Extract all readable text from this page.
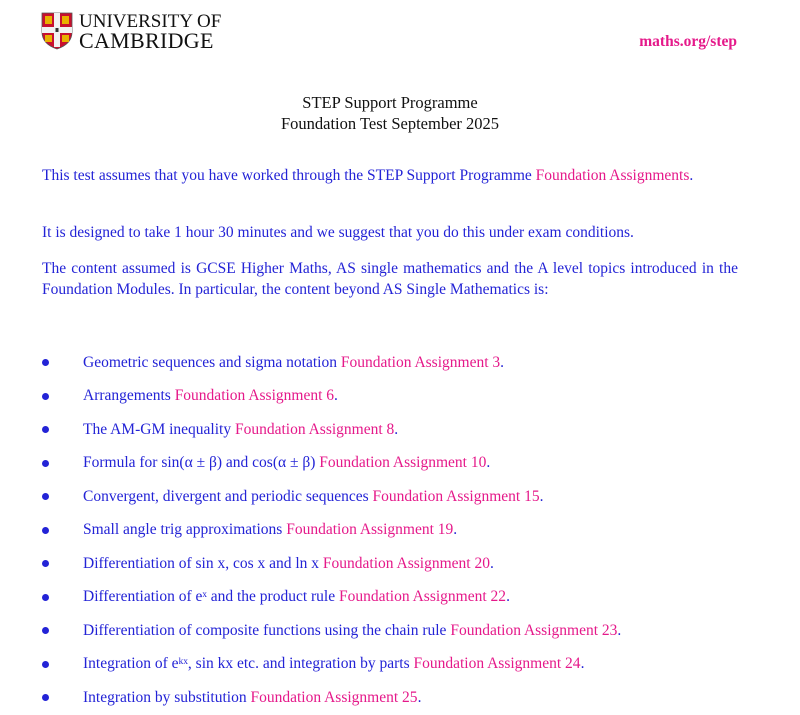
UNIVERSITY OF
CAMBRIDGE	maths.org/step
STEP Support Programme
Foundation Test September 2025
This test assumes that you have worked through the STEP Support Programme Foundation Assignments.
It is designed to take 1 hour 30 minutes and we suggest that you do this under exam conditions.
The content assumed is GCSE Higher Maths, AS single mathematics and the A level topics introduced in the Foundation Modules. In particular, the content beyond AS Single Mathematics is:
Geometric sequences and sigma notation
Foundation Assignment 3 .
Arrangements
Foundation Assignment 6 .
The AM-GM inequality
Foundation Assignment 8 .
Formula for sin(α ± β) and cos(α ± β)
Foundation Assignment 10 .
Convergent, divergent and periodic sequences
Foundation Assignment 15 .
Small angle trig approximations
Foundation Assignment 19 .
Differentiation of sin x, cos x and ln x
Foundation Assignment 20 .
Differentiation of eˣ and the product rule
Foundation Assignment 22 .
Differentiation of composite functions using the chain rule
Foundation Assignment 23 .
Integration of eᵏˣ, sin kx etc. and integration by parts
Foundation Assignment 24 .
Integration by substitution
Foundation Assignment 25 .
